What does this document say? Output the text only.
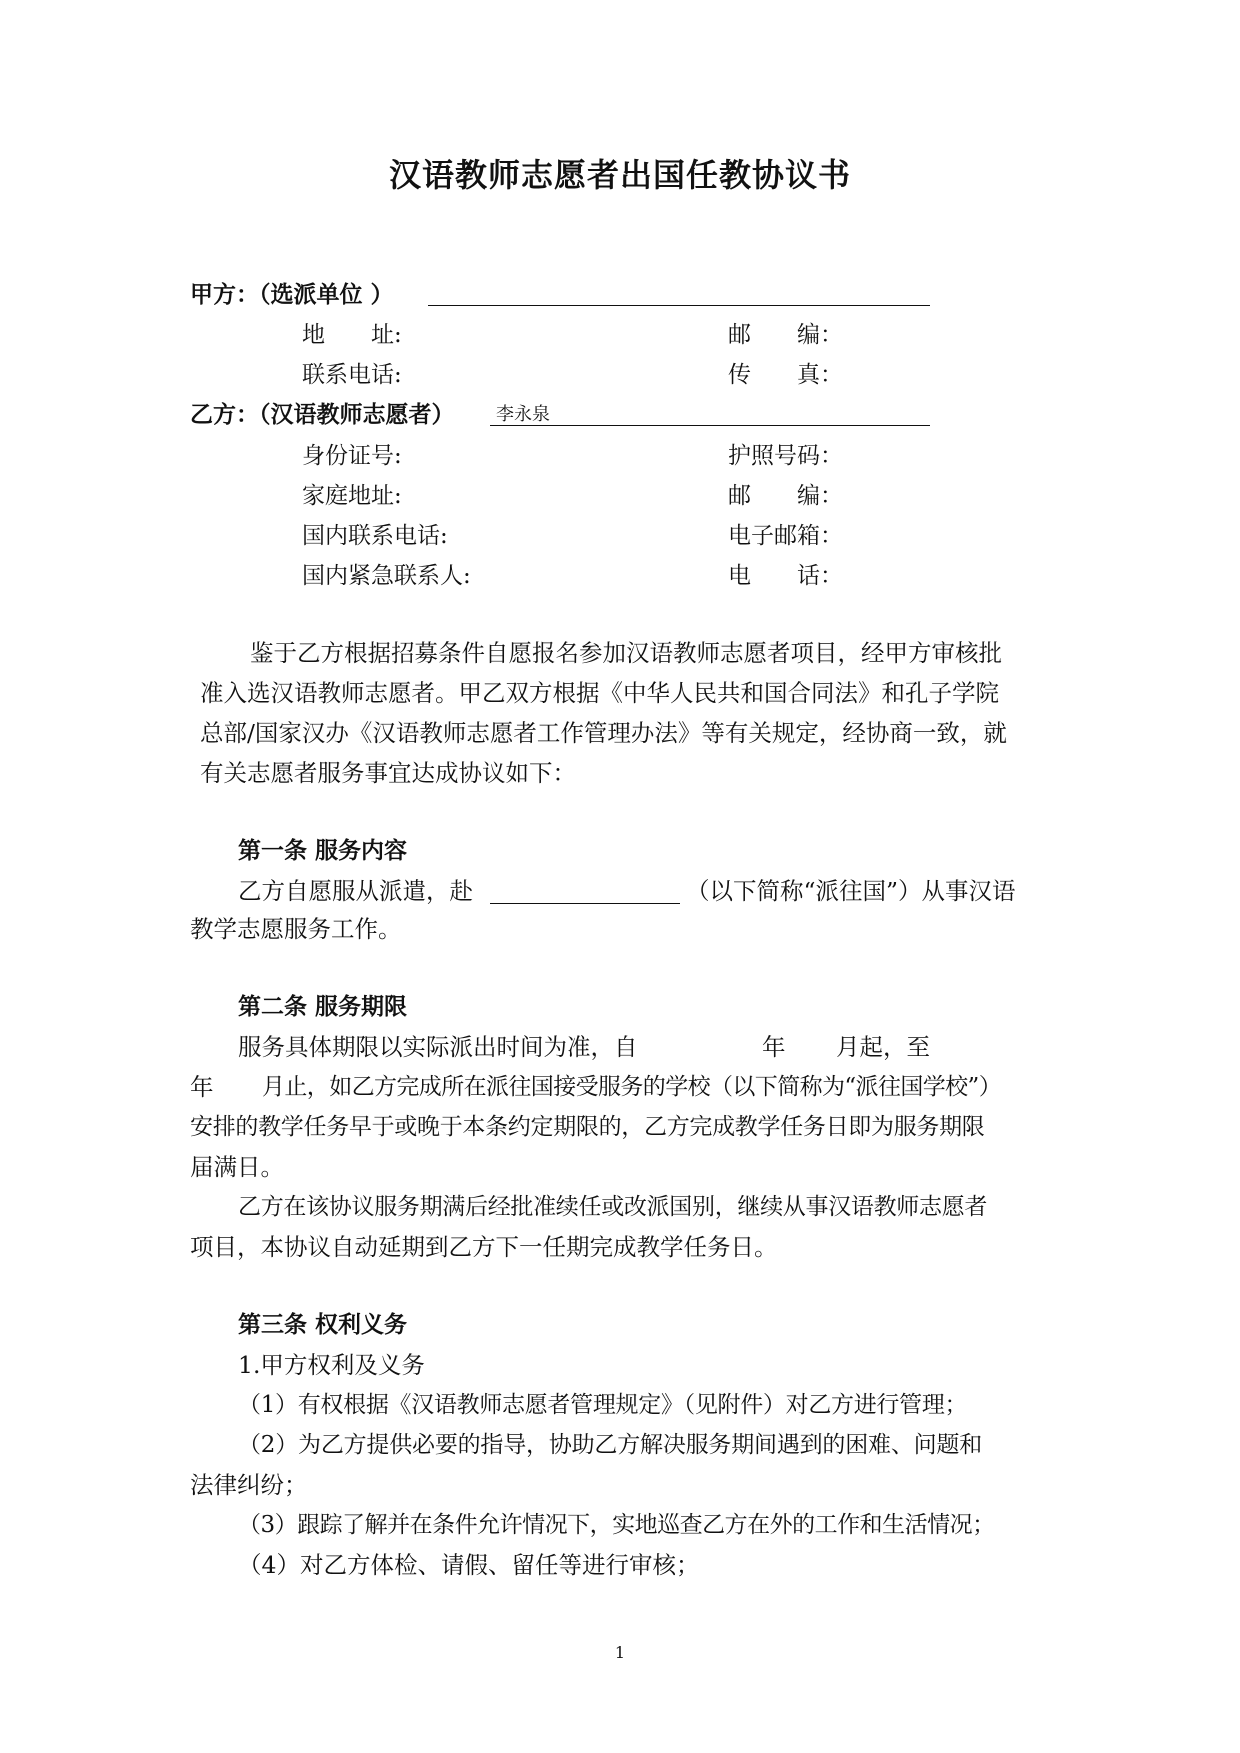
汉语教师志愿者出国任教协议书
甲方：（选派单位 ）
地　　址:	邮　　编：
联系电话:	传　　真：
乙方：（汉语教师志愿者） 李永泉
身份证号:	护照号码：
家庭地址:	邮　　编：
国内联系电话:	电子邮箱：
国内紧急联系人:	电　　话：
鉴于乙方根据招募条件自愿报名参加汉语教师志愿者项目，经甲方审核批
准入选汉语教师志愿者。甲乙双方根据《中华人民共和国合同法》和孔子学院
总部/国家汉办《汉语教师志愿者工作管理办法》等有关规定，经协商一致，就
有关志愿者服务事宜达成协议如下：
第一条 服务内容
乙方自愿服从派遣，赴	（以下简称“派往国”）从事汉语
教学志愿服务工作。
第二条 服务期限
服务具体期限以实际派出时间为准，自	年 月起，至
年 月止，如乙方完成所在派往国接受服务的学校（以下简称为“派往国学校”）
安排的教学任务早于或晚于本条约定期限的，乙方完成教学任务日即为服务期限
届满日。
乙方在该协议服务期满后经批准续任或改派国别，继续从事汉语教师志愿者
项目，本协议自动延期到乙方下一任期完成教学任务日。
第三条 权利义务
1.甲方权利及义务
（1）有权根据《汉语教师志愿者管理规定》（见附件）对乙方进行管理；
（2）为乙方提供必要的指导，协助乙方解决服务期间遇到的困难、问题和
法律纠纷；
（3）跟踪了解并在条件允许情况下，实地巡查乙方在外的工作和生活情况；
（4）对乙方体检、请假、留任等进行审核；
1
